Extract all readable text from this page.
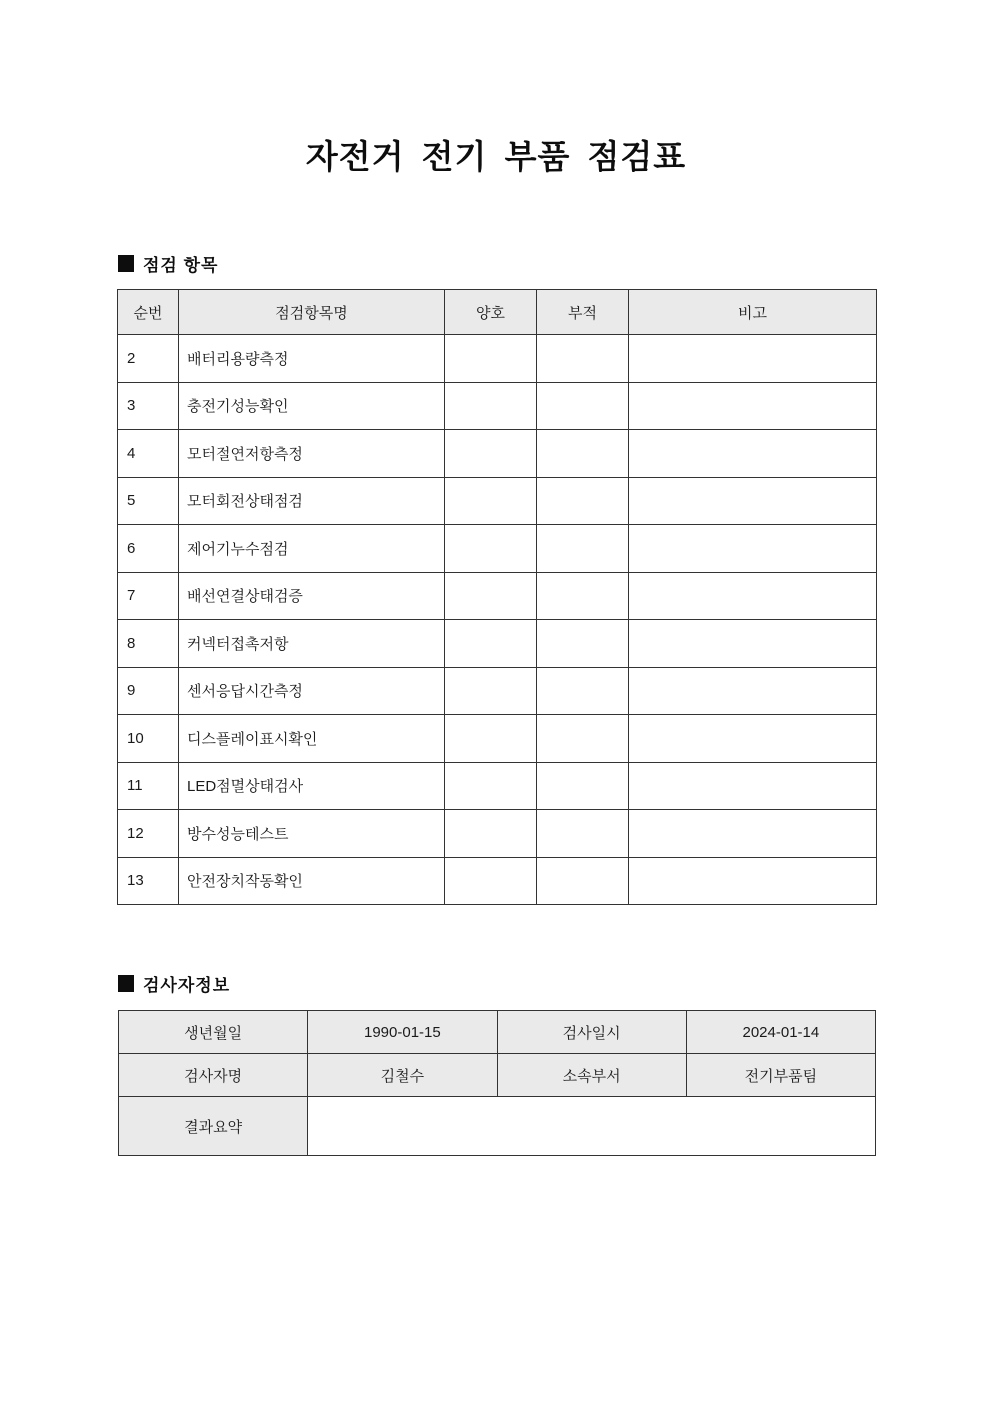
자전거 전기 부품 점검표
점검 항목
순번	점검항목명	양호	부적	비고
2	배터리용량측정			
3	충전기성능확인			
4	모터절연저항측정			
5	모터회전상태점검			
6	제어기누수점검			
7	배선연결상태검증			
8	커넥터접촉저항			
9	센서응답시간측정			
10	디스플레이표시확인			
11	LED점멸상태검사			
12	방수성능테스트			
13	안전장치작동확인			
검사자정보
생년월일	1990-01-15	검사일시	2024-01-14
검사자명	김철수	소속부서	전기부품팀
결과요약			
